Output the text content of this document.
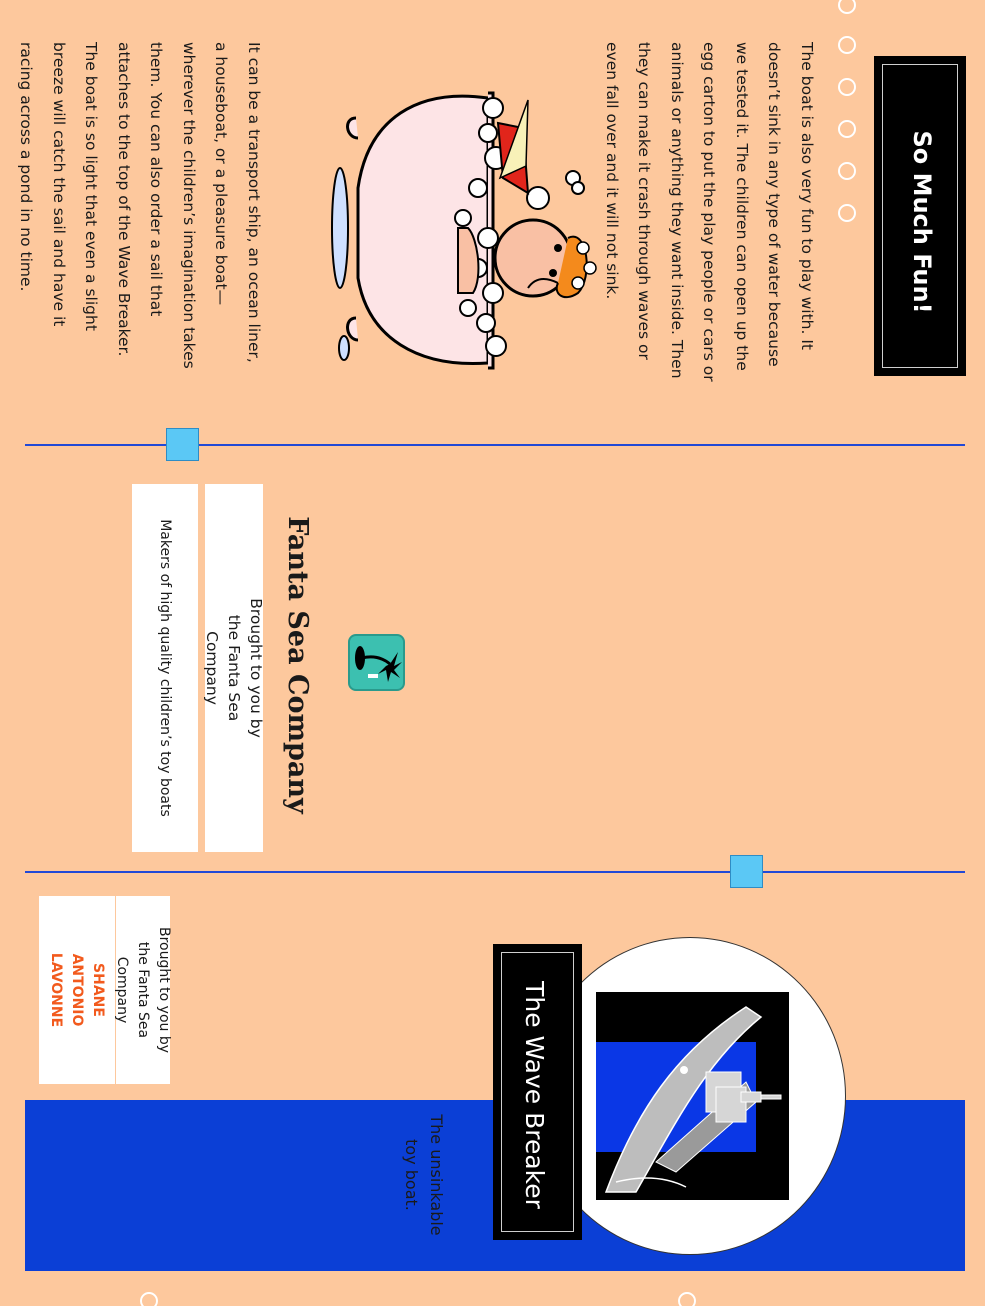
So Much Fun!

The boat is also very fun to play with. It doesn’t sink in any type of water because we tested it. The children can open up the egg carton to put the play people or cars or animals or anything they want inside. Then they can make it crash through waves or even fall over and it will not sink.

It can be a transport ship, an ocean liner, a houseboat, or a pleasure boat—wherever the children’s imagination takes them. You can also order a sail that attaches to the top of the Wave Breaker. The boat is so light that even a slight breeze will catch the sail and have it racing across a pond in no time.

Fanta Sea Company
Brought to you by the Fanta Sea Company
Makers of high quality children’s toy boats
The Wave Breaker
The unsinkable toy boat.
Brought to you by the Fanta Sea Company
SHANE
ANTONIO
LAVONNE
